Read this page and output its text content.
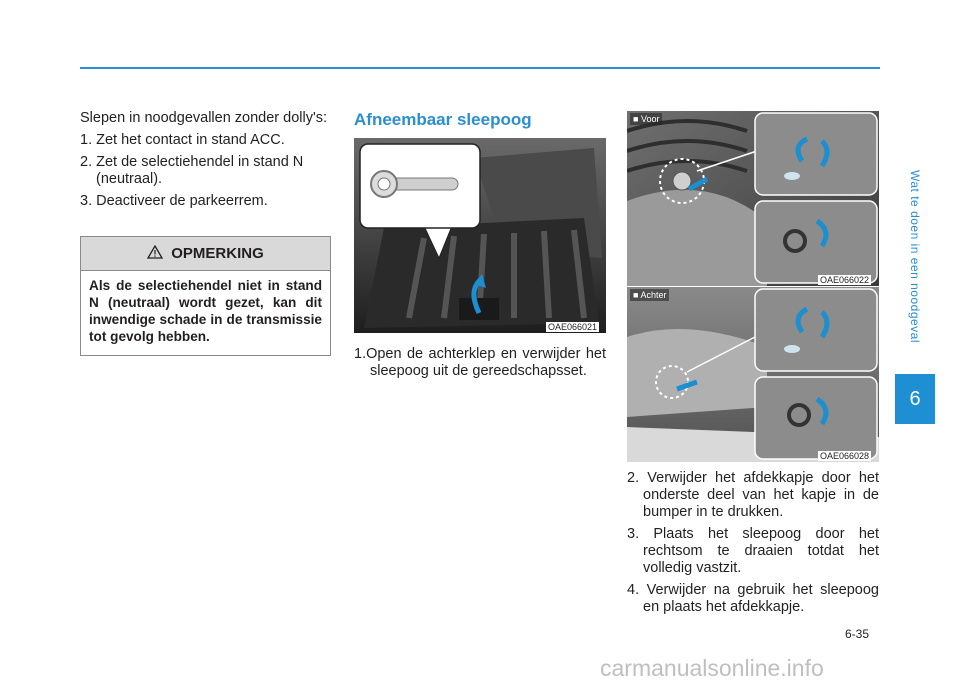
Wat te doen in een noodgeval
6

Slepen in noodgevallen zonder dolly's:

1. Zet het contact in stand ACC.

2. Zet de selectiehendel in stand N (neutraal).

3. Deactiveer de parkeerrem.

OPMERKING
Als de selectiehendel niet in stand N (neutraal) wordt gezet, kan dit inwendige schade in de transmissie tot gevolg hebben.
Afneembaar sleepoog
OAE066021

1.Open de achterklep en verwijder het sleepoog uit de gereedschapsset.

■ Voor
OAE066022
■ Achter
OAE066028

2. Verwijder het afdekkapje door het onderste deel van het kapje in de bumper in te drukken.

3. Plaats het sleepoog door het rechtsom te draaien totdat het volledig vastzit.

4. Verwijder na gebruik het sleepoog en plaats het afdekkapje.

6-35
carmanualsonline.info
